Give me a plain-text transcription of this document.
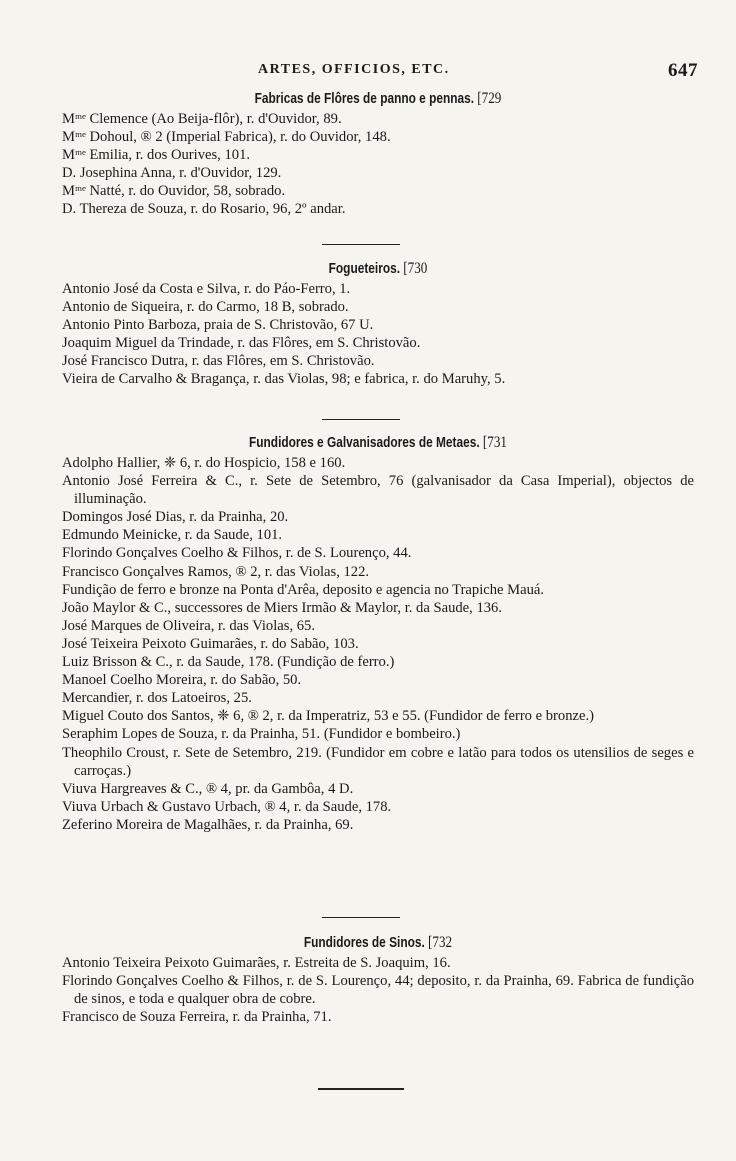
ARTES, OFFICIOS, ETC.	647
Fabricas de Flôres de panno e pennas. [729
Mᵐᵉ Clemence (Ao Beija-flôr), r. d'Ouvidor, 89.
Mᵐᵉ Dohoul, ® 2 (Imperial Fabrica), r. do Ouvidor, 148.
Mᵐᵉ Emilia, r. dos Ourives, 101.
D. Josephina Anna, r. d'Ouvidor, 129.
Mᵐᵉ Natté, r. do Ouvidor, 58, sobrado.
D. Thereza de Souza, r. do Rosario, 96, 2º andar.
Fogueteiros. [730
Antonio José da Costa e Silva, r. do Páo-Ferro, 1.
Antonio de Siqueira, r. do Carmo, 18 B, sobrado.
Antonio Pinto Barboza, praia de S. Christovão, 67 U.
Joaquim Miguel da Trindade, r. das Flôres, em S. Christovão.
José Francisco Dutra, r. das Flôres, em S. Christovão.
Vieira de Carvalho & Bragança, r. das Violas, 98; e fabrica, r. do Maruhy, 5.
Fundidores e Galvanisadores de Metaes. [731
Adolpho Hallier, ❈ 6, r. do Hospicio, 158 e 160.
Antonio José Ferreira & C., r. Sete de Setembro, 76 (galvanisador da Casa Imperial), objectos de illuminação.
Domingos José Dias, r. da Prainha, 20.
Edmundo Meinicke, r. da Saude, 101.
Florindo Gonçalves Coelho & Filhos, r. de S. Lourenço, 44.
Francisco Gonçalves Ramos, ® 2, r. das Violas, 122.
Fundição de ferro e bronze na Ponta d'Arêa, deposito e agencia no Trapiche Mauá.
João Maylor & C., successores de Miers Irmão & Maylor, r. da Saude, 136.
José Marques de Oliveira, r. das Violas, 65.
José Teixeira Peixoto Guimarães, r. do Sabão, 103.
Luiz Brisson & C., r. da Saude, 178. (Fundição de ferro.)
Manoel Coelho Moreira, r. do Sabão, 50.
Mercandier, r. dos Latoeiros, 25.
Miguel Couto dos Santos, ❈ 6, ® 2, r. da Imperatriz, 53 e 55. (Fundidor de ferro e bronze.)
Seraphim Lopes de Souza, r. da Prainha, 51. (Fundidor e bombeiro.)
Theophilo Croust, r. Sete de Setembro, 219. (Fundidor em cobre e latão para todos os utensilios de seges e carroças.)
Viuva Hargreaves & C., ® 4, pr. da Gambôa, 4 D.
Viuva Urbach & Gustavo Urbach, ® 4, r. da Saude, 178.
Zeferino Moreira de Magalhães, r. da Prainha, 69.
Fundidores de Sinos. [732
Antonio Teixeira Peixoto Guimarães, r. Estreita de S. Joaquim, 16.
Florindo Gonçalves Coelho & Filhos, r. de S. Lourenço, 44; deposito, r. da Prainha, 69. Fabrica de fundição de sinos, e toda e qualquer obra de cobre.
Francisco de Souza Ferreira, r. da Prainha, 71.
